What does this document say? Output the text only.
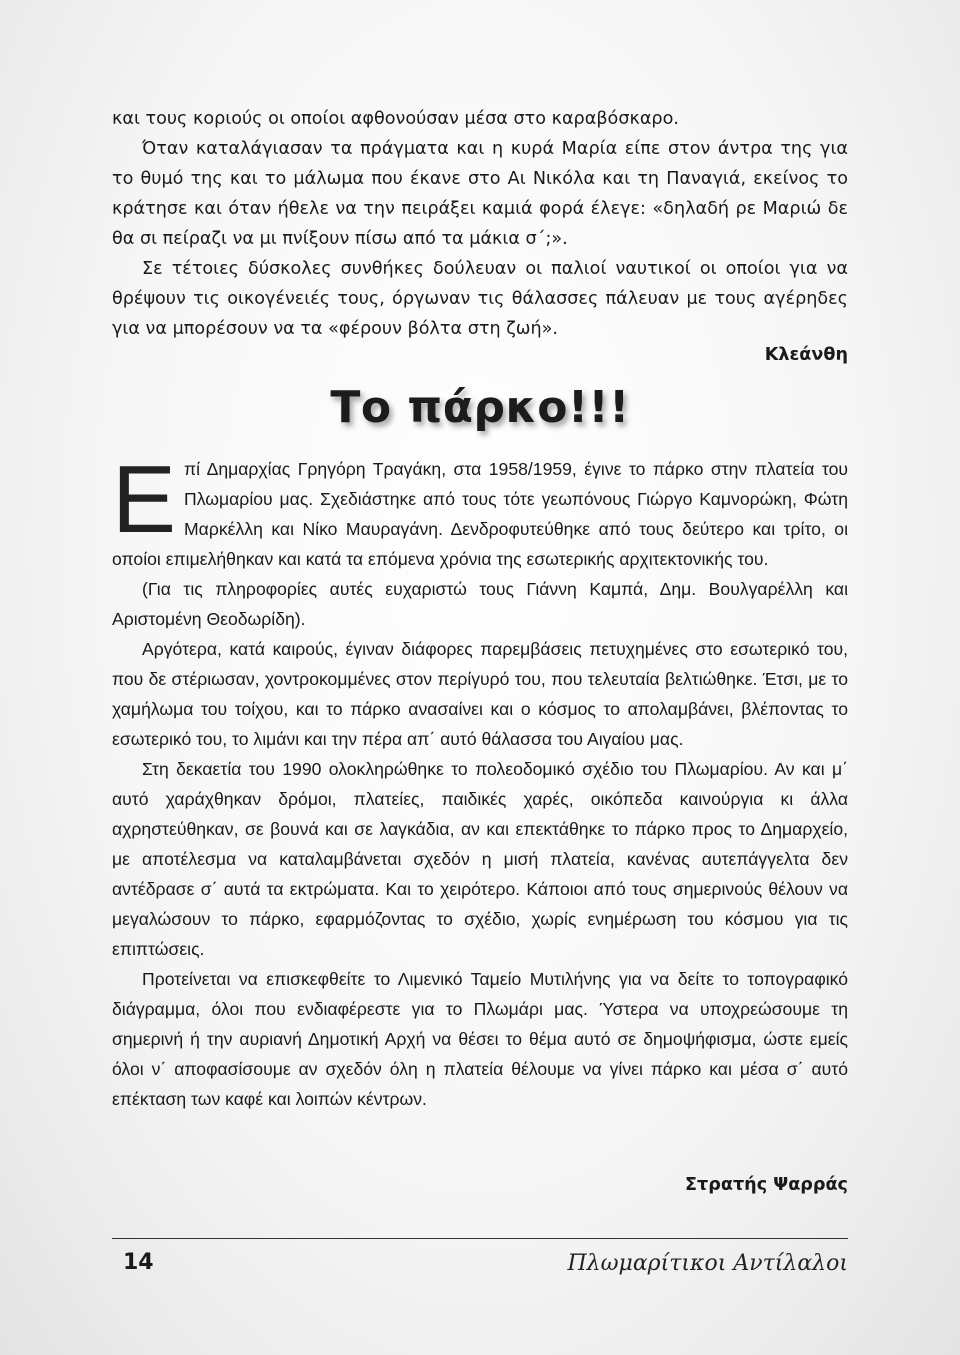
και τους κοριούς οι οποίοι αφθονούσαν μέσα στο καραβόσκαρο.

Όταν καταλάγιασαν τα πράγματα και η κυρά Μαρία είπε στον άντρα της για το θυμό της και το μάλωμα που έκανε στο Αι Νικόλα και τη Παναγιά, εκείνος το κράτησε και όταν ήθελε να την πειράξει καμιά φορά έλεγε: «δηλαδή ρε Μαριώ δε θα σι πείραζι να μι πνίξουν πίσω από τα μάκια σ΄;».

Σε τέτοιες δύσκολες συνθήκες δούλευαν οι παλιοί ναυτικοί οι οποίοι για να θρέψουν τις οικογένειές τους, όργωναν τις θάλασσες πάλευαν με τους αγέρηδες για να μπορέσουν να τα «φέρουν βόλτα στη ζωή».

Κλεάνθη
Το πάρκο!!!

Επί Δημαρχίας Γρηγόρη Τραγάκη, στα 1958/1959, έγινε το πάρκο στην πλατεία του Πλωμαρίου μας. Σχεδιάστηκε από τους τότε γεωπόνους Γιώργο Καμνορώκη, Φώτη Μαρκέλλη και Νίκο Μαυραγάνη. Δενδροφυτεύθηκε από τους δεύτερο και τρίτο, οι οποίοι επιμελήθηκαν και κατά τα επόμενα χρόνια της εσωτερικής αρχιτεκτονικής του.

(Για τις πληροφορίες αυτές ευχαριστώ τους Γιάννη Καμπά, Δημ. Βουλγαρέλλη και Αριστομένη Θεοδωρίδη).

Αργότερα, κατά καιρούς, έγιναν διάφορες παρεμβάσεις πετυχημένες στο εσωτερικό του, που δε στέριωσαν, χοντροκομμένες στον περίγυρό του, που τελευταία βελτιώθηκε. Έτσι, με το χαμήλωμα του τοίχου, και το πάρκο ανασαίνει και ο κόσμος το απολαμβάνει, βλέποντας το εσωτερικό του, το λιμάνι και την πέρα απ΄ αυτό θάλασσα του Αιγαίου μας.

Στη δεκαετία του 1990 ολοκληρώθηκε το πολεοδομικό σχέδιο του Πλωμαρίου. Αν και μ΄ αυτό χαράχθηκαν δρόμοι, πλατείες, παιδικές χαρές, οικόπεδα καινούργια κι άλλα αχρηστεύθηκαν, σε βουνά και σε λαγκάδια, αν και επεκτάθηκε το πάρκο προς το Δημαρχείο, με αποτέλεσμα να καταλαμβάνεται σχεδόν η μισή πλατεία, κανένας αυτεπάγγελτα δεν αντέδρασε σ΄ αυτά τα εκτρώματα. Και το χειρότερο. Κάποιοι από τους σημερινούς θέλουν να μεγαλώσουν το πάρκο, εφαρμόζοντας το σχέδιο, χωρίς ενημέρωση του κόσμου για τις επιπτώσεις.

Προτείνεται να επισκεφθείτε το Λιμενικό Ταμείο Μυτιλήνης για να δείτε το τοπογραφικό διάγραμμα, όλοι που ενδιαφέρεστε για το Πλωμάρι μας. Ύστερα να υποχρεώσουμε τη σημερινή ή την αυριανή Δημοτική Αρχή να θέσει το θέμα αυτό σε δημοψήφισμα, ώστε εμείς όλοι ν΄ αποφασίσουμε αν σχεδόν όλη η πλατεία θέλουμε να γίνει πάρκο και μέσα σ΄ αυτό επέκταση των καφέ και λοιπών κέντρων.

Στρατής Ψαρράς
14	Πλωμαρίτικοι Αντίλαλοι
